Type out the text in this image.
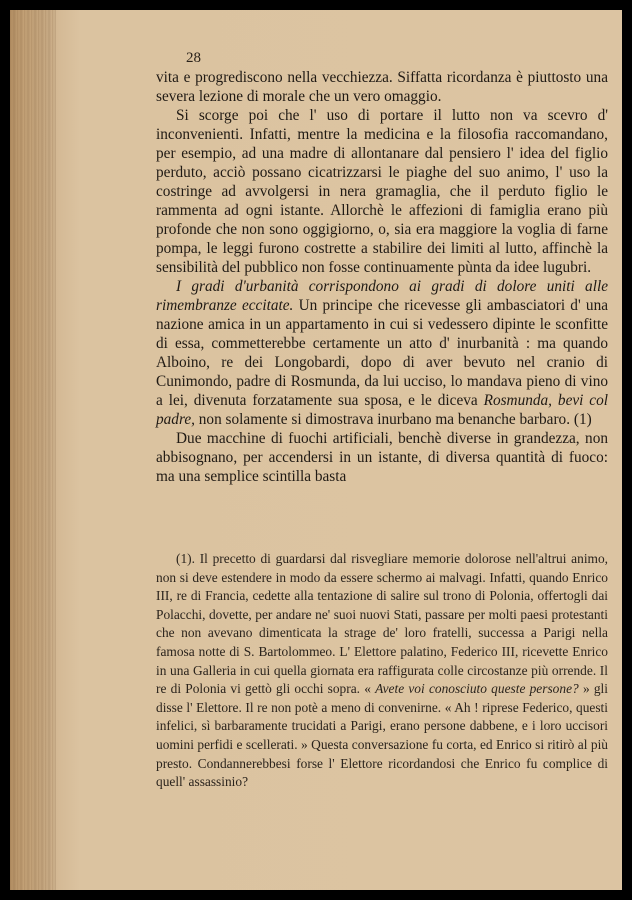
28

vita e progrediscono nella vecchiezza. Siffatta ricordanza è piuttosto una severa lezione di morale che un vero omaggio.

Si scorge poi che l' uso di portare il lutto non va scevro d' inconvenienti. Infatti, mentre la medicina e la filosofia raccomandano, per esempio, ad una madre di allontanare dal pensiero l' idea del figlio perduto, acciò possano cicatrizzarsi le piaghe del suo animo, l' uso la costringe ad avvolgersi in nera gramaglia, che il perduto figlio le rammenta ad ogni istante. Allorchè le affezioni di famiglia erano più profonde che non sono oggigiorno, o, sia era maggiore la voglia di farne pompa, le leggi furono costrette a stabilire dei limiti al lutto, affinchè la sensibilità del pubblico non fosse continuamente pùnta da idee lugubri.

I gradi d'urbanità corrispondono ai gradi di dolore uniti alle rimembranze eccitate. Un principe che ricevesse gli ambasciatori d' una nazione amica in un appartamento in cui si vedessero dipinte le sconfitte di essa, commetterebbe certamente un atto d' inurbanità : ma quando Alboino, re dei Longobardi, dopo di aver bevuto nel cranio di Cunimondo, padre di Rosmunda, da lui ucciso, lo mandava pieno di vino a lei, divenuta forzatamente sua sposa, e le diceva Rosmunda, bevi col padre, non solamente si dimostrava inurbano ma benanche barbaro. (1)

Due macchine di fuochi artificiali, benchè diverse in grandezza, non abbisognano, per accendersi in un istante, di diversa quantità di fuoco: ma una semplice scintilla basta

(1). Il precetto di guardarsi dal risvegliare memorie dolorose nell'altrui animo, non si deve estendere in modo da essere schermo ai malvagi. Infatti, quando Enrico III, re di Francia, cedette alla tentazione di salire sul trono di Polonia, offertogli dai Polacchi, dovette, per andare ne' suoi nuovi Stati, passare per molti paesi protestanti che non avevano dimenticata la strage de' loro fratelli, successa a Parigi nella famosa notte di S. Bartolommeo. L' Elettore palatino, Federico III, ricevette Enrico in una Galleria in cui quella giornata era raffigurata colle circostanze più orrende. Il re di Polonia vi gettò gli occhi sopra. « Avete voi conosciuto queste persone? » gli disse l' Elettore. Il re non potè a meno di convenirne. « Ah ! riprese Federico, questi infelici, sì barbaramente trucidati a Parigi, erano persone dabbene, e i loro uccisori uomini perfidi e scellerati. » Questa conversazione fu corta, ed Enrico si ritirò al più presto. Condannerebbesi forse l' Elettore ricordandosi che Enrico fu complice di quell' assassinio?
